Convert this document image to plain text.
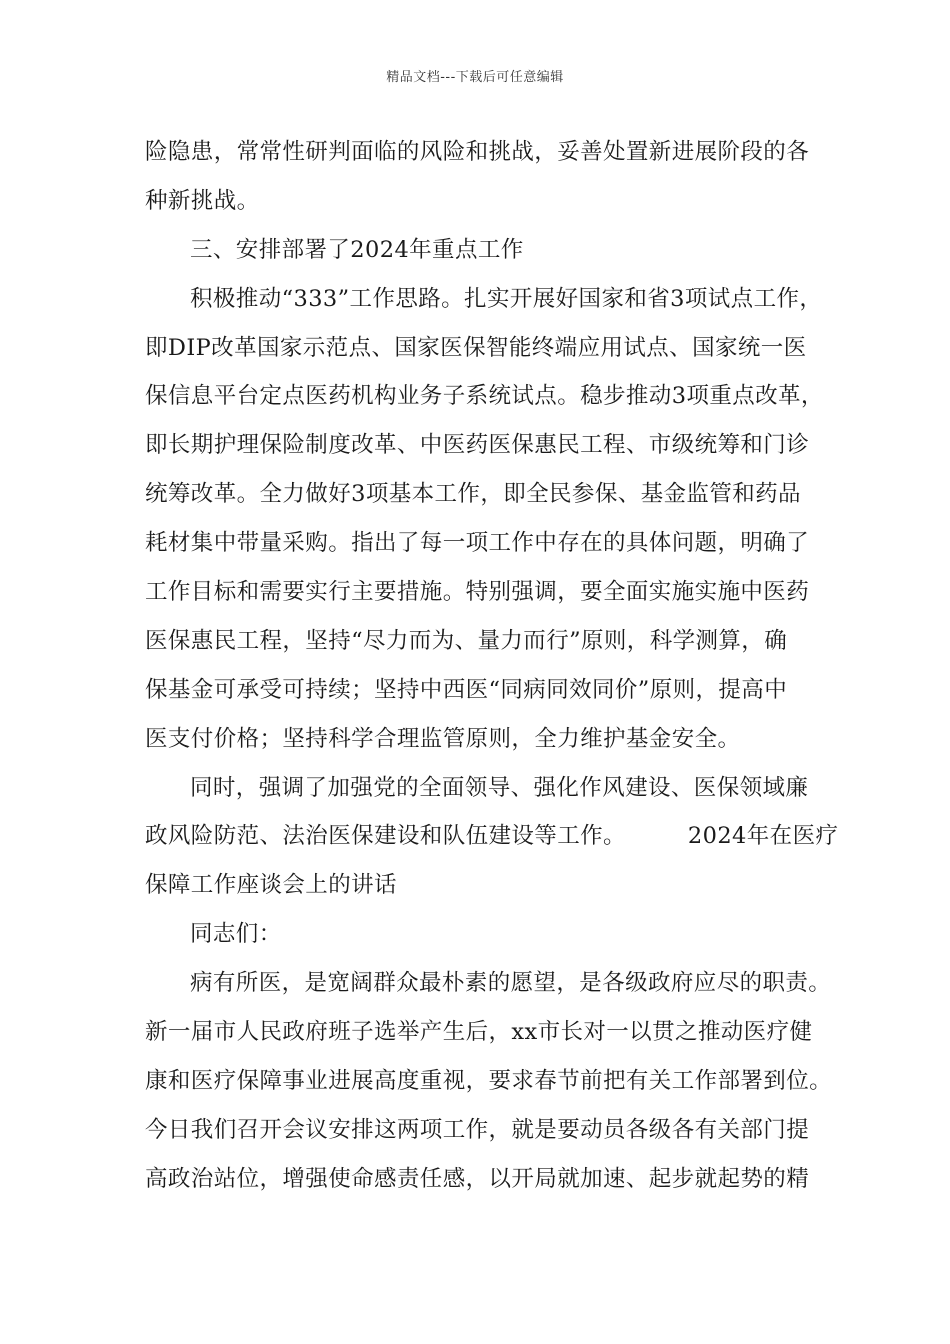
精品文档---下载后可任意编辑
险隐患，常常性研判面临的风险和挑战，妥善处置新进展阶段的各
种新挑战。
三、安排部署了2024年重点工作
积极推动“333”工作思路。扎实开展好国家和省3项试点工作，
即DIP改革国家示范点、国家医保智能终端应用试点、国家统一医
保信息平台定点医药机构业务子系统试点。稳步推动3项重点改革，
即长期护理保险制度改革、中医药医保惠民工程、市级统筹和门诊
统筹改革。全力做好3项基本工作，即全民参保、基金监管和药品
耗材集中带量采购。指出了每一项工作中存在的具体问题，明确了
工作目标和需要实行主要措施。特别强调，要全面实施实施中医药
医保惠民工程，坚持“尽力而为、量力而行”原则，科学测算，确
保基金可承受可持续；坚持中西医“同病同效同价”原则，提高中
医支付价格；坚持科学合理监管原则，全力维护基金安全。
同时，强调了加强党的全面领导、强化作风建设、医保领域廉
政风险防范、法治医保建设和队伍建设等工作。	2024年在医疗
保障工作座谈会上的讲话
同志们：
病有所医，是宽阔群众最朴素的愿望，是各级政府应尽的职责。
新一届市人民政府班子选举产生后，xx市长对一以贯之推动医疗健
康和医疗保障事业进展高度重视，要求春节前把有关工作部署到位。
今日我们召开会议安排这两项工作，就是要动员各级各有关部门提
高政治站位，增强使命感责任感，以开局就加速、起步就起势的精
